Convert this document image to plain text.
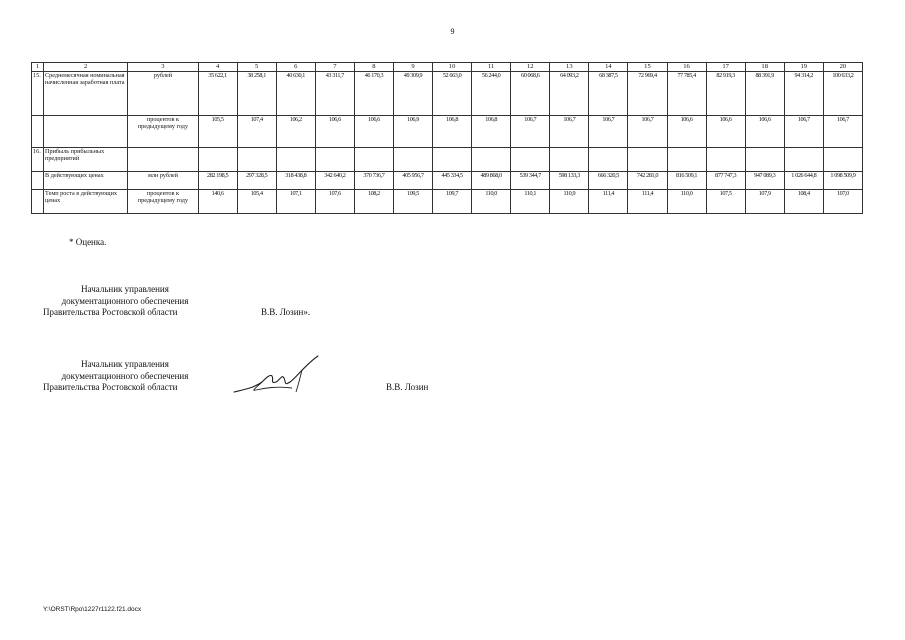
9
1	2	3	4	5	6	7	8	9	10	11	12	13	14	15	16	17	18	19	20
15.	Среднемесячная номинальная начисленная заработная плата	рублей	35 622,1	38 258,1	40 630,1	43 311,7	46 170,3	49 309,9	52 663,0	56 244,0	60 068,6	64 093,2	68 387,5	72 969,4	77 785,4	82 919,3	88 391,9	94 314,2	100 633,2
		процентов к предыдущему году	105,5	107,4	106,2	106,6	106,6	106,9	106,8	106,8	106,7	106,7	106,7	106,7	106,6	106,6	106,6	106,7	106,7
16.	Прибыль прибыльных предприятий																		
	В действующих ценах	млн рублей	282 198,5	297 328,5	318 438,8	342 640,2	370 736,7	405 956,7	445 334,5	489 868,0	539 344,7	598 133,3	666 320,5	742 281,0	816 509,1	877 747,3	947 089,3	1 026 644,8	1 098 509,9
	Темп роста в действующих ценах	процентов к предыдущему году	140,6	105,4	107,1	107,6	108,2	109,5	109,7	110,0	110,1	110,9	111,4	111,4	110,0	107,5	107,9	108,4	107,0
* Оценка.
Начальник управления
документационного обеспечения
Правительства Ростовской области	В.В. Лозин».
Начальник управления
документационного обеспечения
Правительства Ростовской области	В.В. Лозин
Y:\ORST\Rpo\1227r1122.f21.docx
